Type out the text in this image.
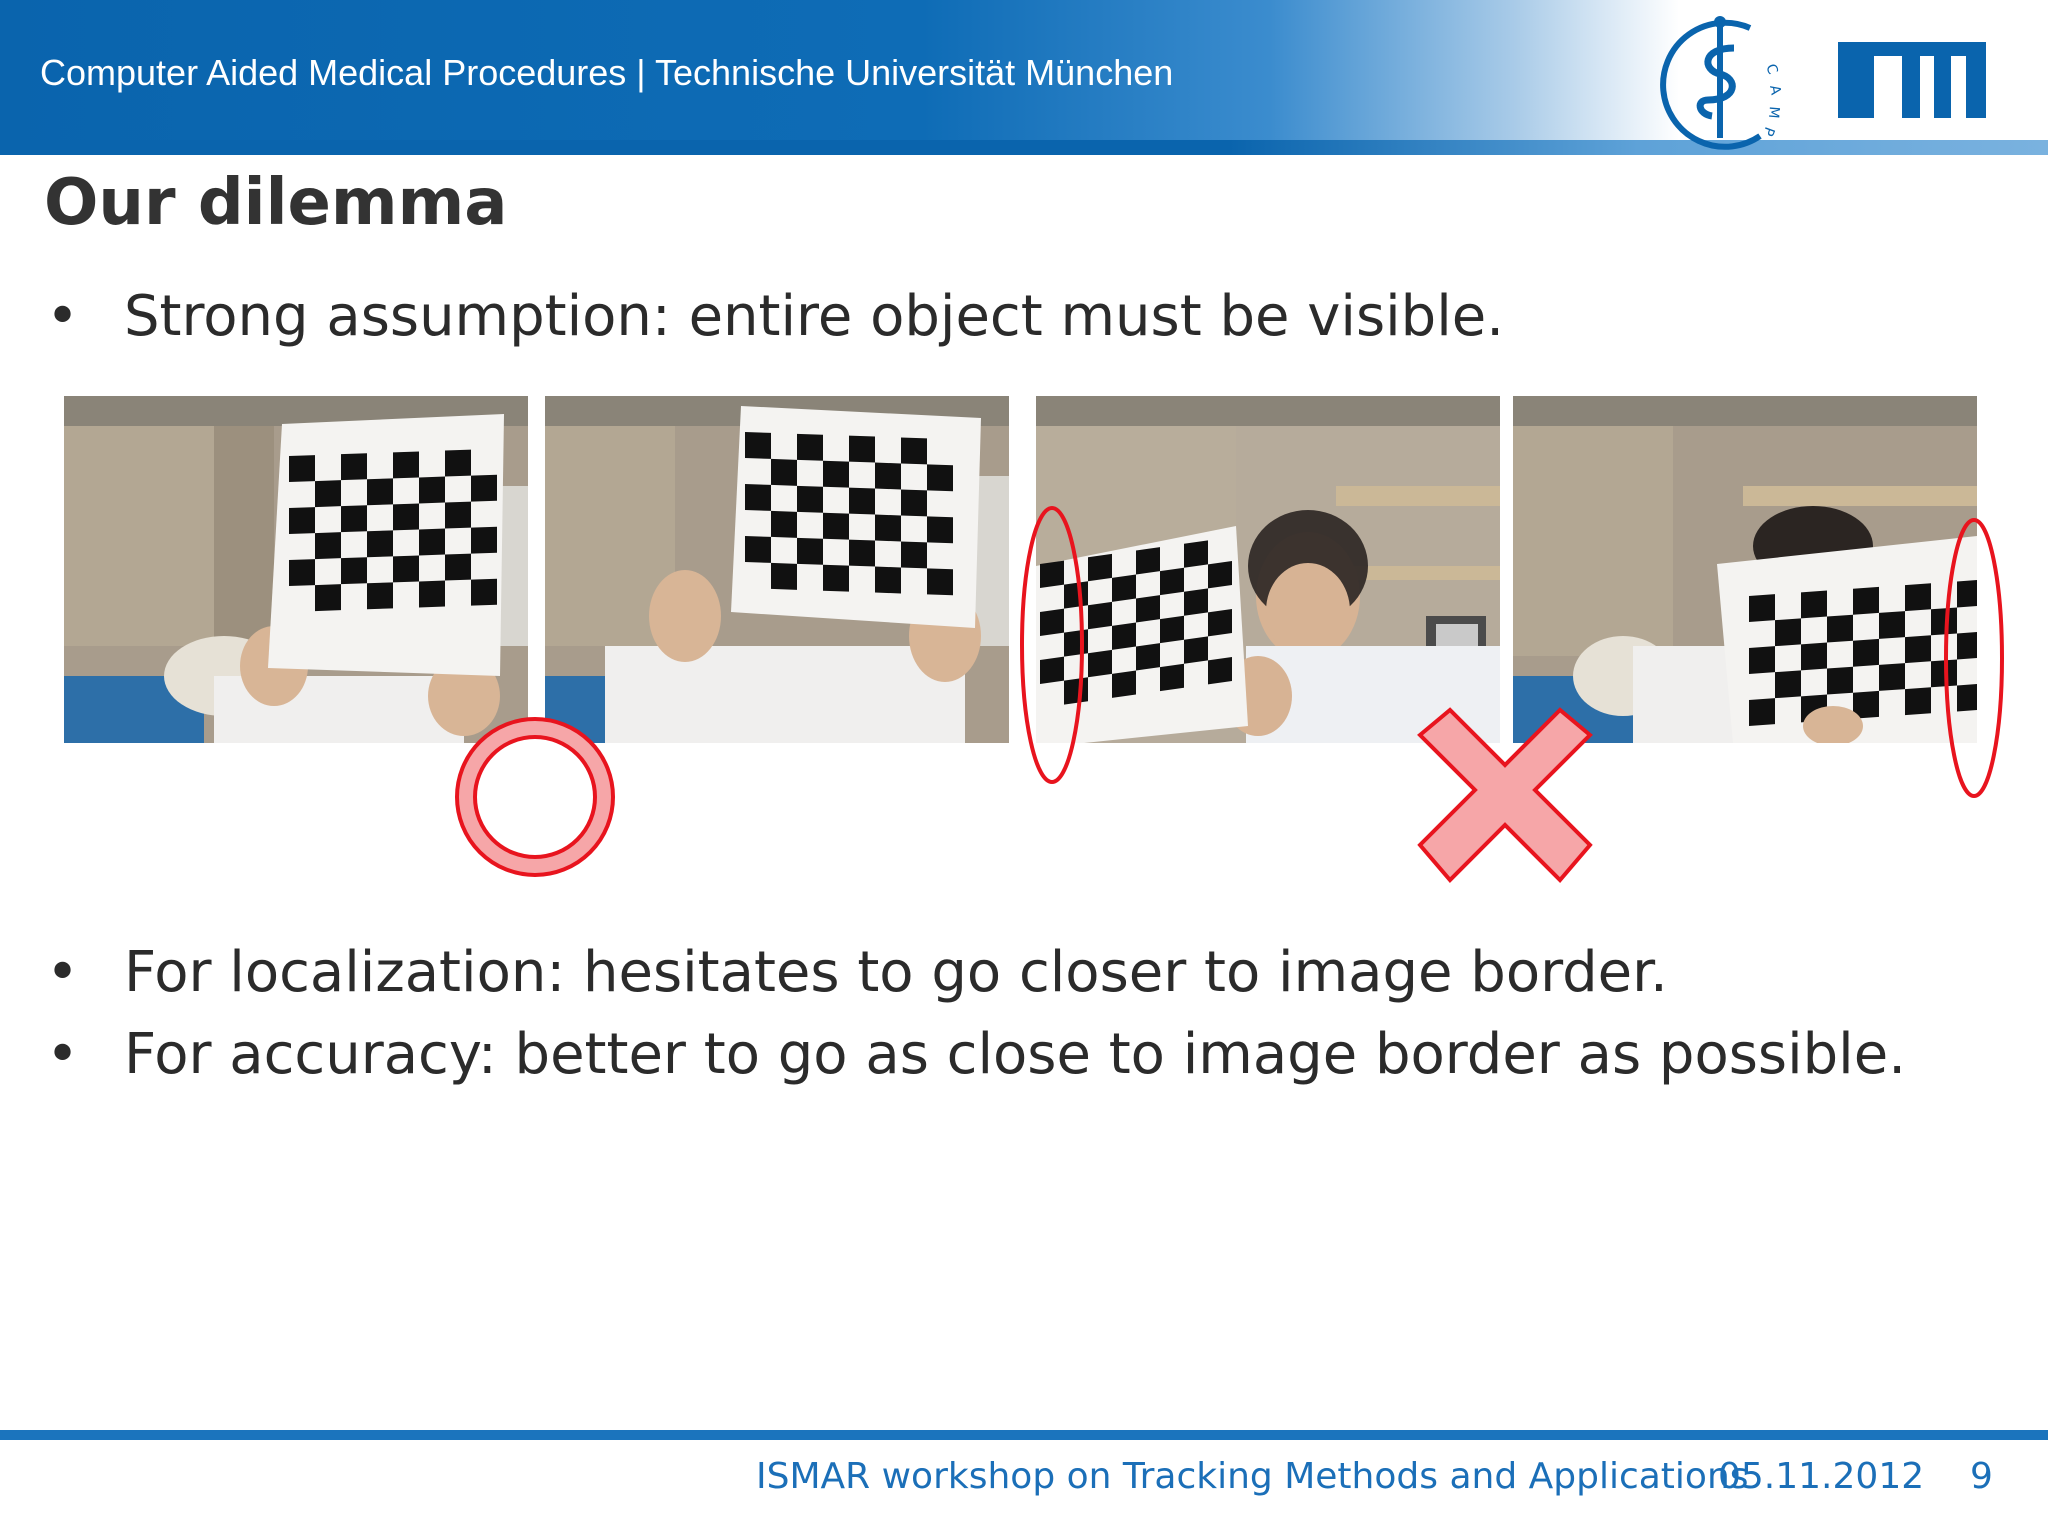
Computer Aided Medical Procedures | Technische Universität München	C
A
M
P
Our dilemma
• Strong assumption: entire object must be visible.
• For localization: hesitates to go closer to image border.
• For accuracy: better to go as close to image border as possible.
ISMAR workshop on Tracking Methods and Applications
05.11.2012 9
